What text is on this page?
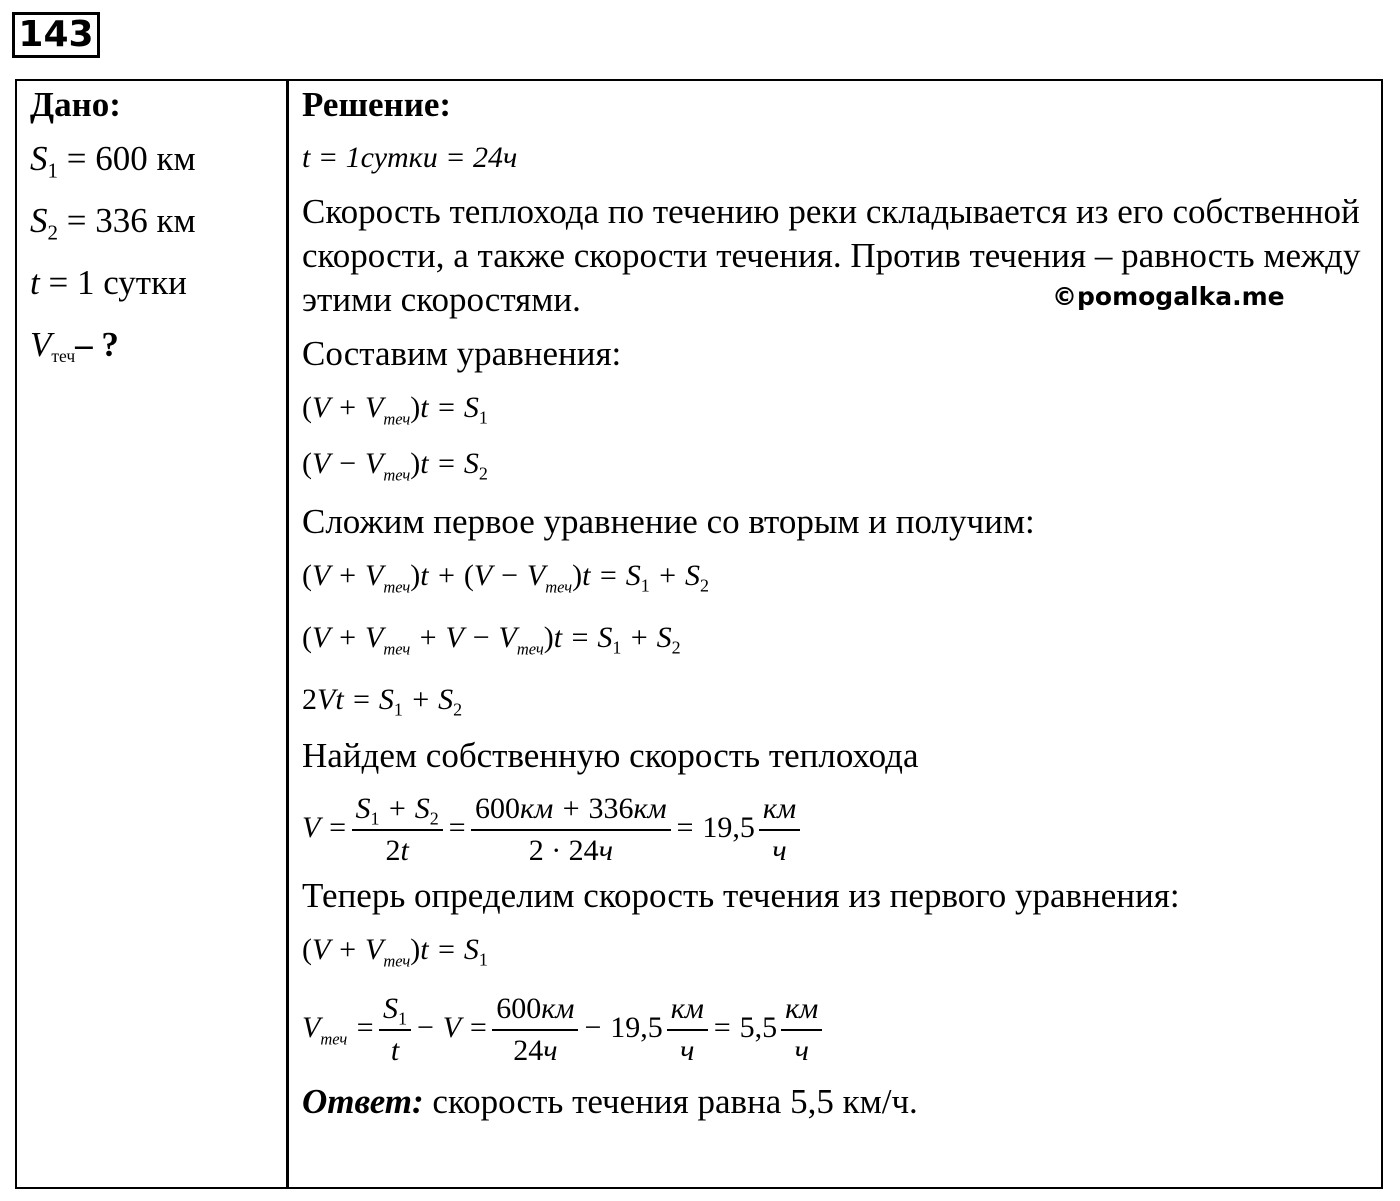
143
Дано:
$S_1 = 600$ км
$S_2 = 336$ км
t = 1 сутки
$V_{теч}-$ ?
Решение:
t = 1сутки = 24ч
Скорость теплохода по течению реки складывается из его собственной скорости, а также скорости течения. Против течения – равность между этими скоростями.
Составим уравнения:
$(V + V_{теч})t = S_1$
$(V - V_{теч})t = S_2$
Сложим первое уравнение со вторым и получим:
$(V + V_{теч})t + (V - V_{теч})t = S_1 + S_2$
$(V + V_{теч} + V - V_{теч})t = S_1 + S_2$
$2Vt = S_1 + S_2$
Найдем собственную скорость теплохода
$V = \frac{S_1 + S_2}{2t} = \frac{600км + 336км}{2 \cdot 24ч} = 19,5 \frac{км}{ч}$
Теперь определим скорость течения из первого уравнения:
$(V + V_{теч})t = S_1$
$V_{теч} = \frac{S_1}{t} - V = \frac{600км}{24ч} - 19,5 \frac{км}{ч} = 5,5 \frac{км}{ч}$
Ответ: скорость течения равна 5,5 км/ч.
©pomogalka.me
